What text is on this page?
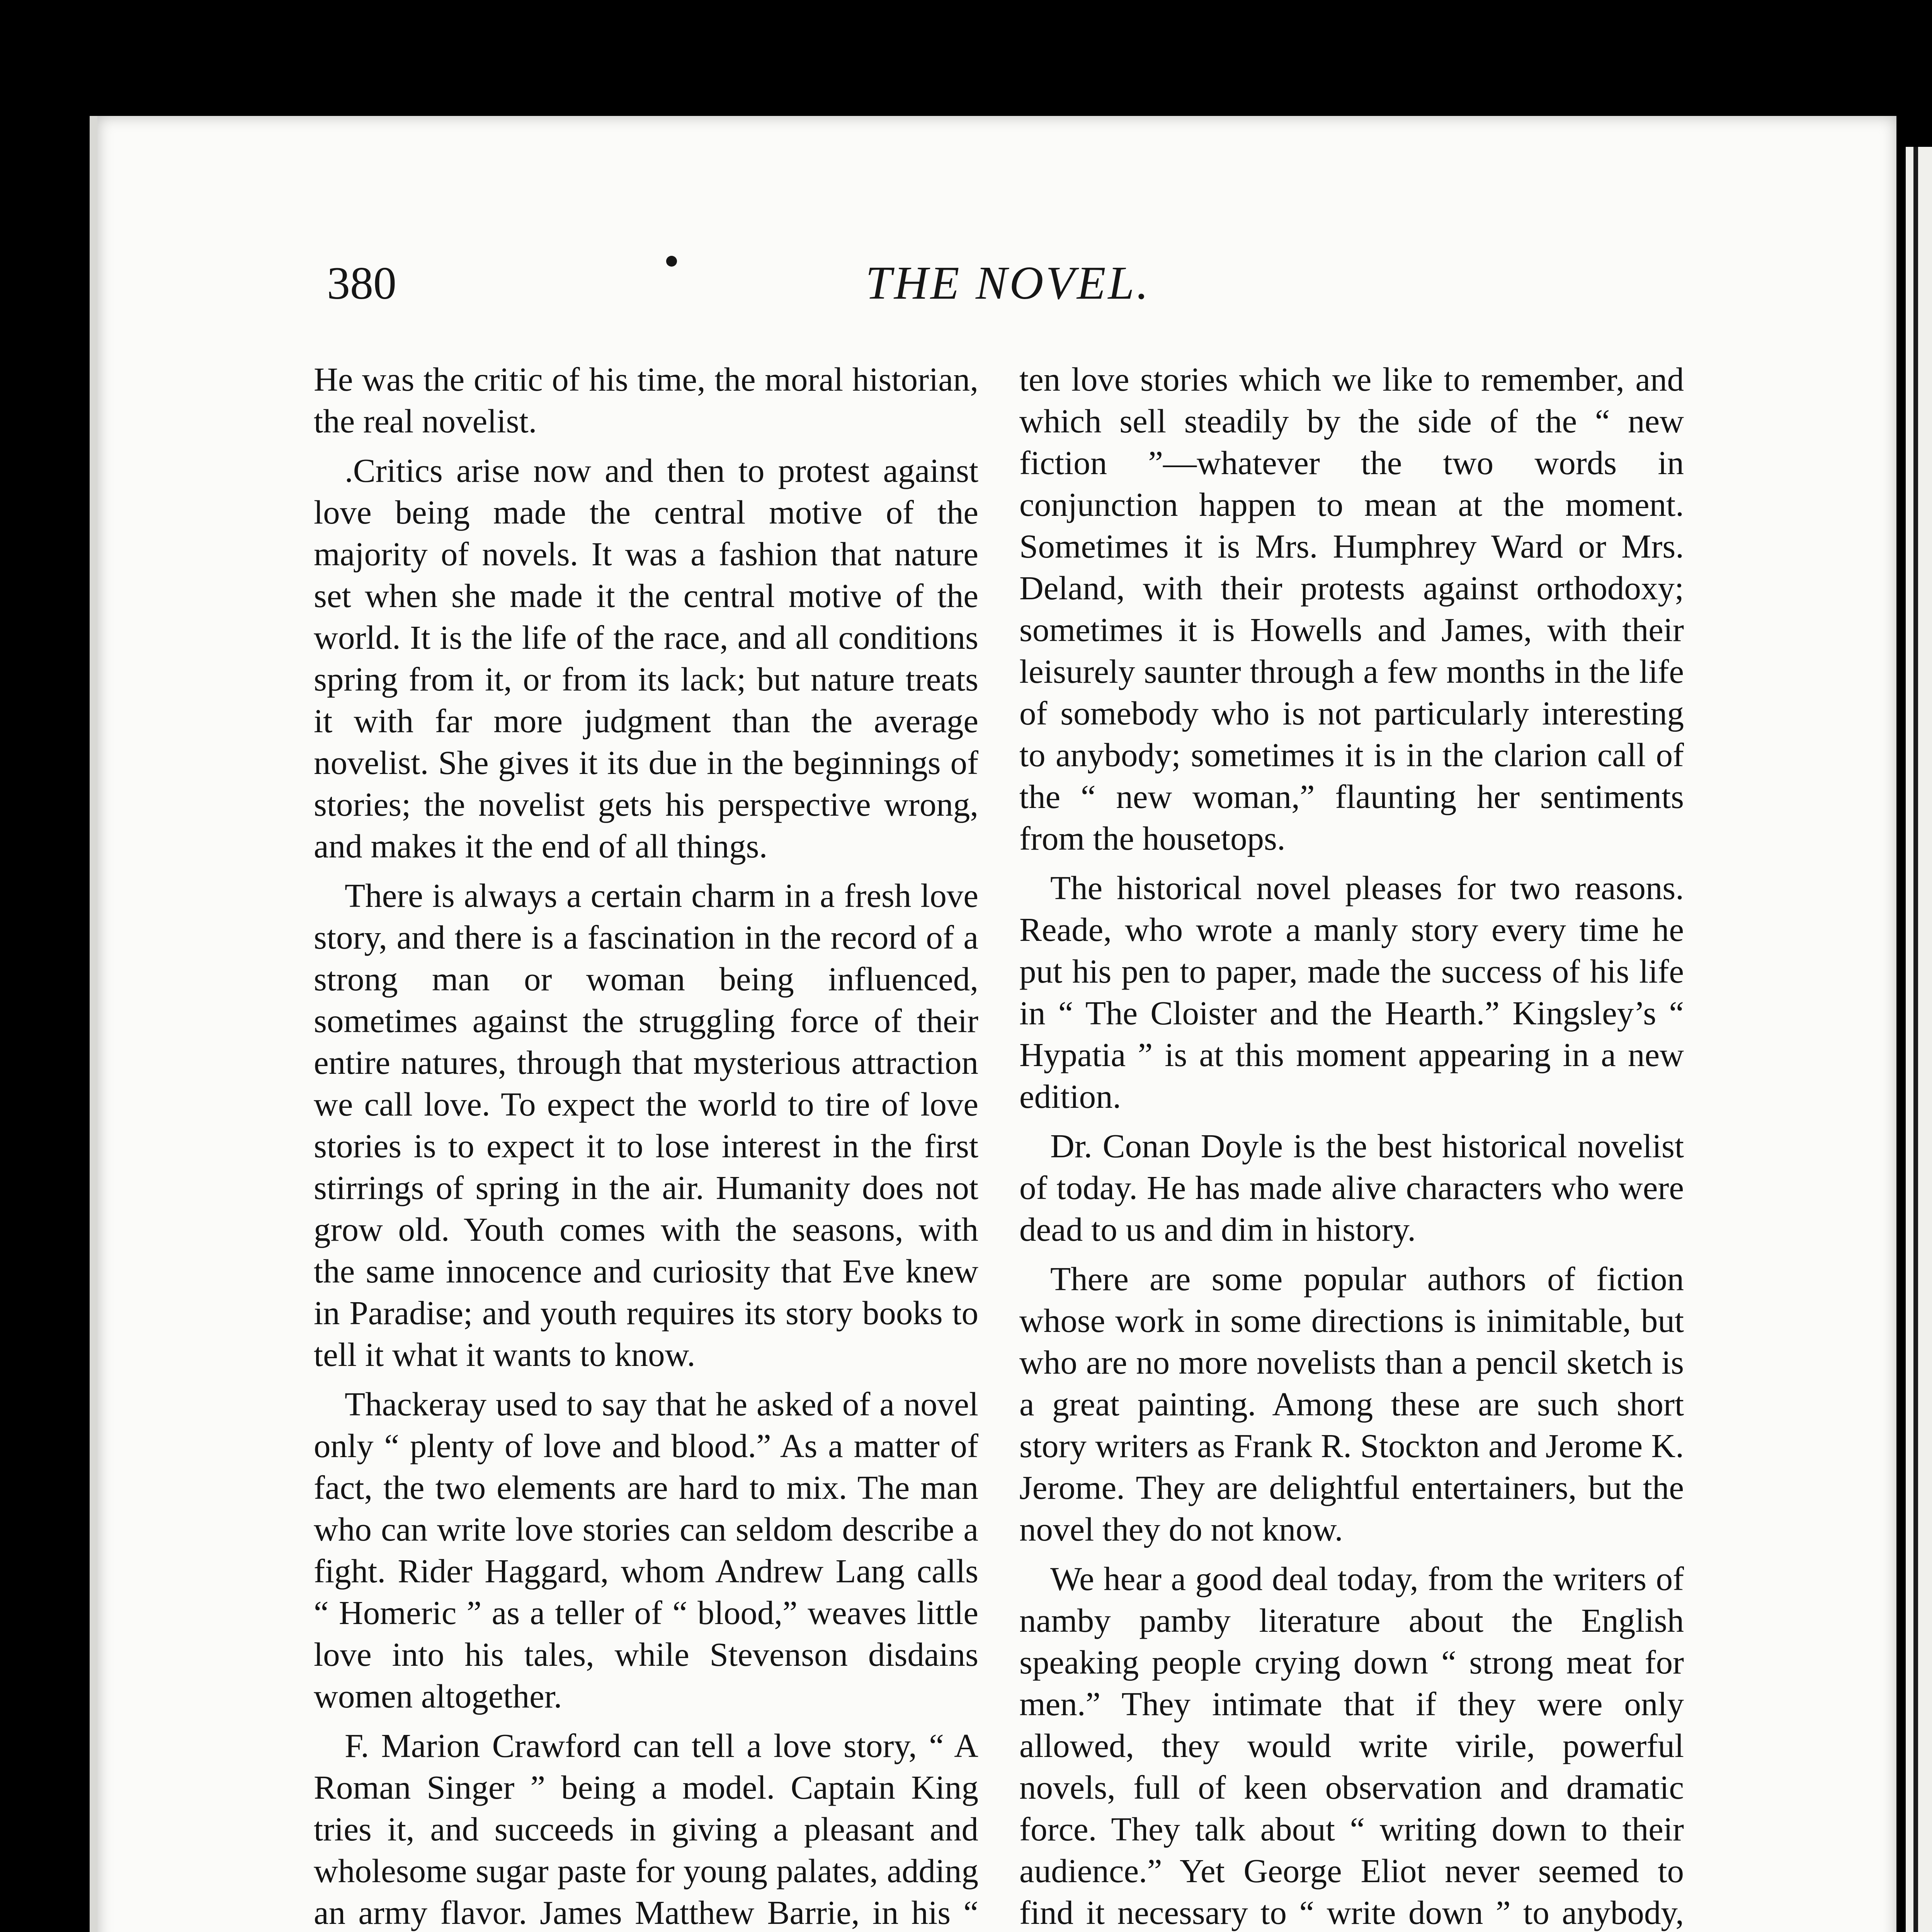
380	THE NOVEL.

He was the critic of his time, the moral historian, the real novelist.

.Critics arise now and then to protest against love being made the central motive of the majority of novels. It was a fashion that nature set when she made it the central motive of the world. It is the life of the race, and all conditions spring from it, or from its lack; but nature treats it with far more judgment than the average novelist. She gives it its due in the beginnings of stories; the novelist gets his perspective wrong, and makes it the end of all things.

There is always a certain charm in a fresh love story, and there is a fascination in the record of a strong man or woman being influenced, sometimes against the struggling force of their entire natures, through that mysterious attraction we call love. To expect the world to tire of love stories is to expect it to lose interest in the first stirrings of spring in the air. Humanity does not grow old. Youth comes with the seasons, with the same innocence and curiosity that Eve knew in Paradise; and youth requires its story books to tell it what it wants to know.

Thackeray used to say that he asked of a novel only “ plenty of love and blood.” As a matter of fact, the two elements are hard to mix. The man who can write love stories can seldom describe a fight. Rider Haggard, whom Andrew Lang calls “ Homeric ” as a teller of “ blood,” weaves little love into his tales, while Stevenson disdains women altogether.

F. Marion Crawford can tell a love story, “ A Roman Singer ” being a model. Captain King tries it, and succeeds in giving a pleasant and wholesome sugar paste for young palates, adding an army flavor. James Matthew Barrie, in his “

ten love stories which we like to remember, and which sell steadily by the side of the “ new fiction ”—whatever the two words in conjunction happen to mean at the moment. Sometimes it is Mrs. Humphrey Ward or Mrs. Deland, with their protests against orthodoxy; sometimes it is Howells and James, with their leisurely saunter through a few months in the life of somebody who is not particularly interesting to anybody; sometimes it is in the clarion call of the “ new woman,” flaunting her sentiments from the housetops.

The historical novel pleases for two reasons. Reade, who wrote a manly story every time he put his pen to paper, made the success of his life in “ The Cloister and the Hearth.” Kingsley’s “ Hypatia ” is at this moment appearing in a new edition.

Dr. Conan Doyle is the best historical novelist of today. He has made alive characters who were dead to us and dim in history.

There are some popular authors of fiction whose work in some directions is inimitable, but who are no more novelists than a pencil sketch is a great painting. Among these are such short story writers as Frank R. Stockton and Jerome K. Jerome. They are delightful entertainers, but the novel they do not know.

We hear a good deal today, from the writers of namby pamby literature about the English speaking people crying down “ strong meat for men.” They intimate that if they were only allowed, they would write virile, powerful novels, full of keen observation and dramatic force. They talk about “ writing down to their audience.” Yet George Eliot never seemed to find it necessary to “ write down ” to anybody,
